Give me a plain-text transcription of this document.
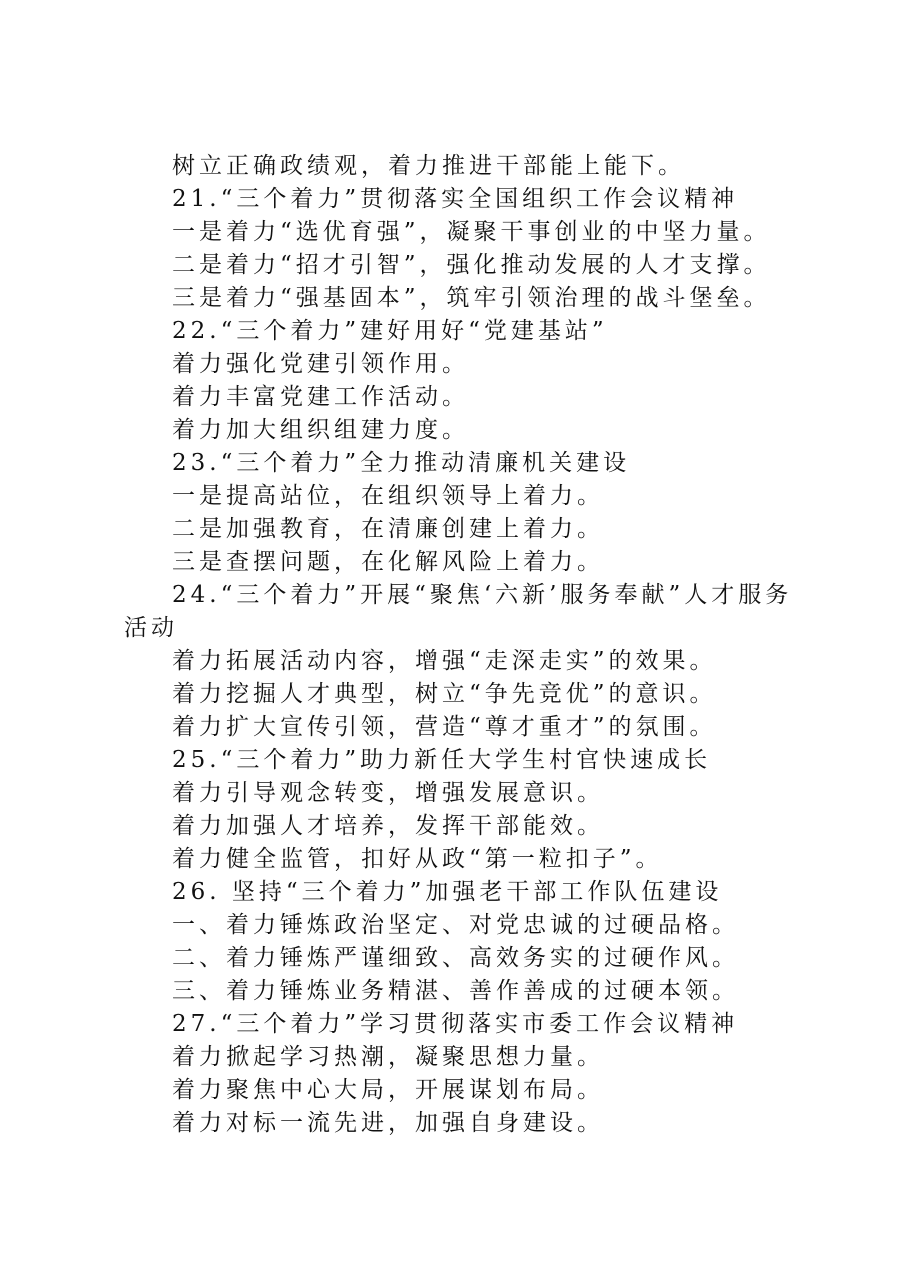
树立正确政绩观，着力推进干部能上能下。
21.“三个着力”贯彻落实全国组织工作会议精神
一是着力“选优育强”，凝聚干事创业的中坚力量。
二是着力“招才引智”，强化推动发展的人才支撑。
三是着力“强基固本”，筑牢引领治理的战斗堡垒。
22.“三个着力”建好用好“党建基站”
着力强化党建引领作用。
着力丰富党建工作活动。
着力加大组织组建力度。
23.“三个着力”全力推动清廉机关建设
一是提高站位，在组织领导上着力。
二是加强教育，在清廉创建上着力。
三是查摆问题，在化解风险上着力。
24.“三个着力”开展“聚焦‘六新’服务奉献”人才服务活动
着力拓展活动内容，增强“走深走实”的效果。
着力挖掘人才典型，树立“争先竞优”的意识。
着力扩大宣传引领，营造“尊才重才”的氛围。
25.“三个着力”助力新任大学生村官快速成长
着力引导观念转变，增强发展意识。
着力加强人才培养，发挥干部能效。
着力健全监管，扣好从政“第一粒扣子”。
26. 坚持“三个着力”加强老干部工作队伍建设
一、着力锤炼政治坚定、对党忠诚的过硬品格。
二、着力锤炼严谨细致、高效务实的过硬作风。
三、着力锤炼业务精湛、善作善成的过硬本领。
27.“三个着力”学习贯彻落实市委工作会议精神
着力掀起学习热潮，凝聚思想力量。
着力聚焦中心大局，开展谋划布局。
着力对标一流先进，加强自身建设。
